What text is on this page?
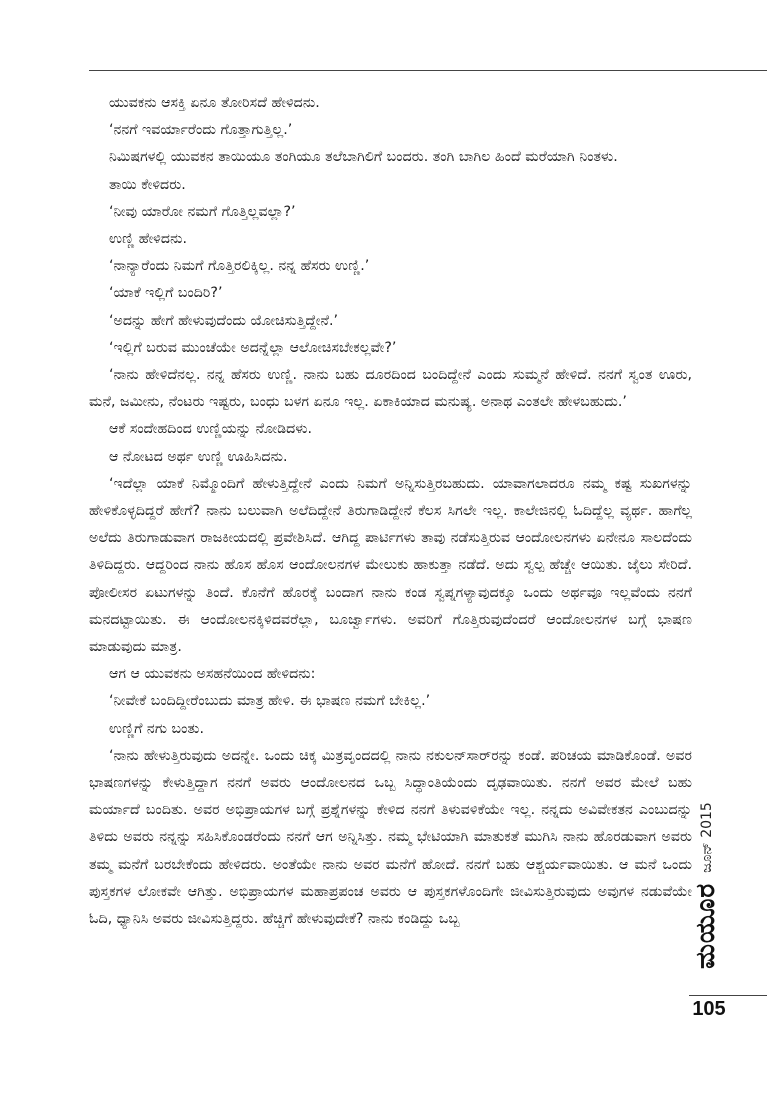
ಯುವಕನು ಆಸಕ್ತಿ ಏನೂ ತೋರಿಸದೆ ಹೇಳಿದನು.

‘ನನಗೆ ಇವರ್ಯಾರೆಂದು ಗೊತ್ತಾಗುತ್ತಿಲ್ಲ.’

ನಿಮಿಷಗಳಲ್ಲಿ ಯುವಕನ ತಾಯಿಯೂ ತಂಗಿಯೂ ತಲೆಬಾಗಿಲಿಗೆ ಬಂದರು. ತಂಗಿ ಬಾಗಿಲ ಹಿಂದೆ ಮರೆಯಾಗಿ ನಿಂತಳು.

ತಾಯಿ ಕೇಳಿದರು.

‘ನೀವು ಯಾರೋ ನಮಗೆ ಗೊತ್ತಿಲ್ಲವಲ್ಲಾ?’

ಉಣ್ಣಿ ಹೇಳಿದನು.

‘ನಾನ್ಯಾರೆಂದು ನಿಮಗೆ ಗೊತ್ತಿರಲಿಕ್ಕಿಲ್ಲ. ನನ್ನ ಹೆಸರು ಉಣ್ಣಿ.’

‘ಯಾಕೆ ಇಲ್ಲಿಗೆ ಬಂದಿರಿ?’

‘ಅದನ್ನು ಹೇಗೆ ಹೇಳುವುದೆಂದು ಯೋಚಿಸುತ್ತಿದ್ದೇನೆ.’

‘ಇಲ್ಲಿಗೆ ಬರುವ ಮುಂಚೆಯೇ ಅದನ್ನೆಲ್ಲಾ ಆಲೋಚಿಸಬೇಕಲ್ಲವೇ?’

‘ನಾನು ಹೇಳಿದೆನಲ್ಲ. ನನ್ನ ಹೆಸರು ಉಣ್ಣಿ. ನಾನು ಬಹು ದೂರದಿಂದ ಬಂದಿದ್ದೇನೆ ಎಂದು ಸುಮ್ಮನೆ ಹೇಳಿದೆ. ನನಗೆ ಸ್ವಂತ ಊರು, ಮನೆ, ಜಮೀನು, ನೆಂಟರು ಇಷ್ಟರು, ಬಂಧು ಬಳಗ ಏನೂ ಇಲ್ಲ. ಏಕಾಕಿಯಾದ ಮನುಷ್ಯ. ಅನಾಥ ಎಂತಲೇ ಹೇಳಬಹುದು.’

ಆಕೆ ಸಂದೇಹದಿಂದ ಉಣ್ಣಿಯನ್ನು ನೋಡಿದಳು.

ಆ ನೋಟದ ಅರ್ಥ ಉಣ್ಣಿ ಊಹಿಸಿದನು.

‘ಇದೆಲ್ಲಾ ಯಾಕೆ ನಿಮ್ಮೊಂದಿಗೆ ಹೇಳುತ್ತಿದ್ದೇನೆ ಎಂದು ನಿಮಗೆ ಅನ್ನಿಸುತ್ತಿರಬಹುದು. ಯಾವಾಗಲಾದರೂ ನಮ್ಮ ಕಷ್ಟ ಸುಖಗಳನ್ನು ಹೇಳಿಕೊಳ್ಳದಿದ್ದರೆ ಹೇಗೆ? ನಾನು ಬಲುವಾಗಿ ಅಲೆದಿದ್ದೇನೆ ತಿರುಗಾಡಿದ್ದೇನೆ ಕೆಲಸ ಸಿಗಲೇ ಇಲ್ಲ. ಕಾಲೇಜಿನಲ್ಲಿ ಓದಿದ್ದೆಲ್ಲ ವ್ಯರ್ಥ. ಹಾಗೆಲ್ಲ ಅಲೆದು ತಿರುಗಾಡುವಾಗ ರಾಜಕೀಯದಲ್ಲಿ ಪ್ರವೇಶಿಸಿದೆ. ಆಗಿದ್ದ ಪಾರ್ಟಿಗಳು ತಾವು ನಡೆಸುತ್ತಿರುವ ಆಂದೋಲನಗಳು ಏನೇನೂ ಸಾಲದೆಂದು ತಿಳಿದಿದ್ದರು. ಆದ್ದರಿಂದ ನಾನು ಹೊಸ ಹೊಸ ಆಂದೋಲನಗಳ ಮೇಲುಕು ಹಾಕುತ್ತಾ ನಡೆದೆ. ಅದು ಸ್ವಲ್ಪ ಹೆಚ್ಚೇ ಆಯಿತು. ಜೈಲು ಸೇರಿದೆ. ಪೋಲೀಸರ ಏಟುಗಳನ್ನು ತಿಂದೆ. ಕೊನೆಗೆ ಹೊರಕ್ಕೆ ಬಂದಾಗ ನಾನು ಕಂಡ ಸ್ವಪ್ನಗಳ್ಯಾವುದಕ್ಕೂ ಒಂದು ಅರ್ಥವೂ ಇಲ್ಲವೆಂದು ನನಗೆ ಮನದಟ್ಟಾಯಿತು. ಈ ಆಂದೋಲನಕ್ಕಿಳಿದವರೆಲ್ಲಾ, ಬೂರ್ಜ್ವಾಗಳು. ಅವರಿಗೆ ಗೊತ್ತಿರುವುದೆಂದರೆ ಆಂದೋಲನಗಳ ಬಗ್ಗೆ ಭಾಷಣ ಮಾಡುವುದು ಮಾತ್ರ.

ಆಗ ಆ ಯುವಕನು ಅಸಹನೆಯಿಂದ ಹೇಳಿದನು:

‘ನೀವೇಕೆ ಬಂದಿದ್ದೀರೆಂಬುದು ಮಾತ್ರ ಹೇಳಿ. ಈ ಭಾಷಣ ನಮಗೆ ಬೇಕಿಲ್ಲ.’

ಉಣ್ಣಿಗೆ ನಗು ಬಂತು.

‘ನಾನು ಹೇಳುತ್ತಿರುವುದು ಅದನ್ನೇ. ಒಂದು ಚಿಕ್ಕ ಮಿತ್ರವೃಂದದಲ್ಲಿ ನಾನು ನಕುಲನ್‌ಸಾರ್‌ರನ್ನು ಕಂಡೆ. ಪರಿಚಯ ಮಾಡಿಕೊಂಡೆ. ಅವರ ಭಾಷಣಗಳನ್ನು ಕೇಳುತ್ತಿದ್ದಾಗ ನನಗೆ ಅವರು ಆಂದೋಲನದ ಒಬ್ಬ ಸಿದ್ಧಾಂತಿಯೆಂದು ದೃಢವಾಯಿತು. ನನಗೆ ಅವರ ಮೇಲೆ ಬಹು ಮರ್ಯಾದೆ ಬಂದಿತು. ಅವರ ಅಭಿಪ್ರಾಯಗಳ ಬಗ್ಗೆ ಪ್ರಶ್ನೆಗಳನ್ನು ಕೇಳಿದ ನನಗೆ ತಿಳುವಳಿಕೆಯೇ ಇಲ್ಲ. ನನ್ನದು ಅವಿವೇಕತನ ಎಂಬುದನ್ನು ತಿಳಿದು ಅವರು ನನ್ನನ್ನು ಸಹಿಸಿಕೊಂಡರೆಂದು ನನಗೆ ಆಗ ಅನ್ನಿಸಿತ್ತು. ನಮ್ಮ ಭೇಟಿಯಾಗಿ ಮಾತುಕತೆ ಮುಗಿಸಿ ನಾನು ಹೊರಡುವಾಗ ಅವರು ತಮ್ಮ ಮನೆಗೆ ಬರಬೇಕೆಂದು ಹೇಳಿದರು. ಅಂತೆಯೇ ನಾನು ಅವರ ಮನೆಗೆ ಹೋದೆ. ನನಗೆ ಬಹು ಆಶ್ಚರ್ಯವಾಯಿತು. ಆ ಮನೆ ಒಂದು ಪುಸ್ತಕಗಳ ಲೋಕವೇ ಆಗಿತ್ತು. ಅಭಿಪ್ರಾಯಗಳ ಮಹಾಪ್ರಪಂಚ ಅವರು ಆ ಪುಸ್ತಕಗಳೊಂದಿಗೇ ಜೀವಿಸುತ್ತಿರುವುದು ಅವುಗಳ ನಡುವೆಯೇ ಓದಿ, ಧ್ಯಾನಿಸಿ ಅವರು ಜೀವಿಸುತ್ತಿದ್ದರು. ಹೆಚ್ಚಿಗೆ ಹೇಳುವುದೇಕೆ? ನಾನು ಕಂಡಿದ್ದು ಒಬ್ಬ	ಮಯೂರ
ಜೂನ್ 2015
105
